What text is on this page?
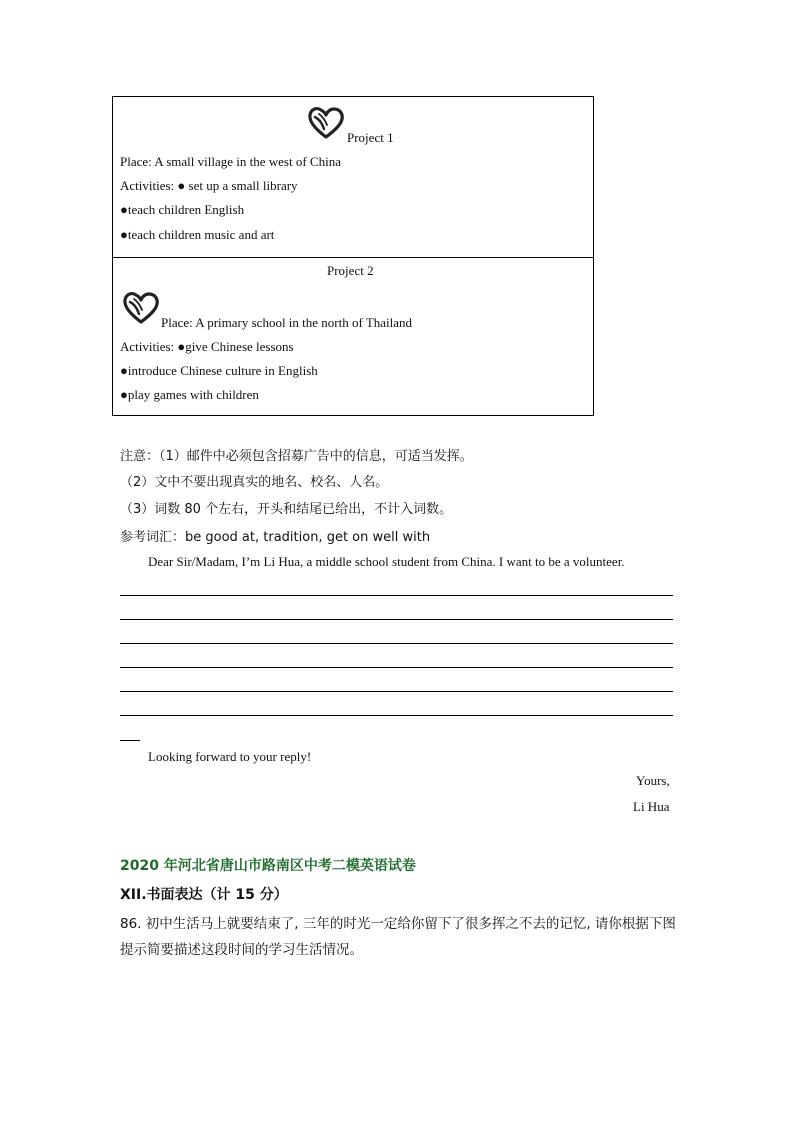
Project 1
Place: A small village in the west of China
Activities: ● set up a small library
●teach children English
●teach children music and art
Project 2
Place: A primary school in the north of Thailand
Activities: ●give Chinese lessons
●introduce Chinese culture in English
●play games with children
注意：（1）邮件中必须包含招募广告中的信息，可适当发挥。
（2）文中不要出现真实的地名、校名、人名。
（3）词数 80 个左右，开头和结尾已给出，不计入词数。
参考词汇：be good at, tradition, get on well with
Dear Sir/Madam, I’m Li Hua, a middle school student from China. I want to be a volunteer.
Looking forward to your reply!
Yours,
Li Hua
2020 年河北省唐山市路南区中考二模英语试卷
XII.书面表达（计 15 分）
86. 初中生活马上就要结束了, 三年的时光一定给你留下了很多挥之不去的记忆, 请你根据下图提示简要描述这段时间的学习生活情况。
